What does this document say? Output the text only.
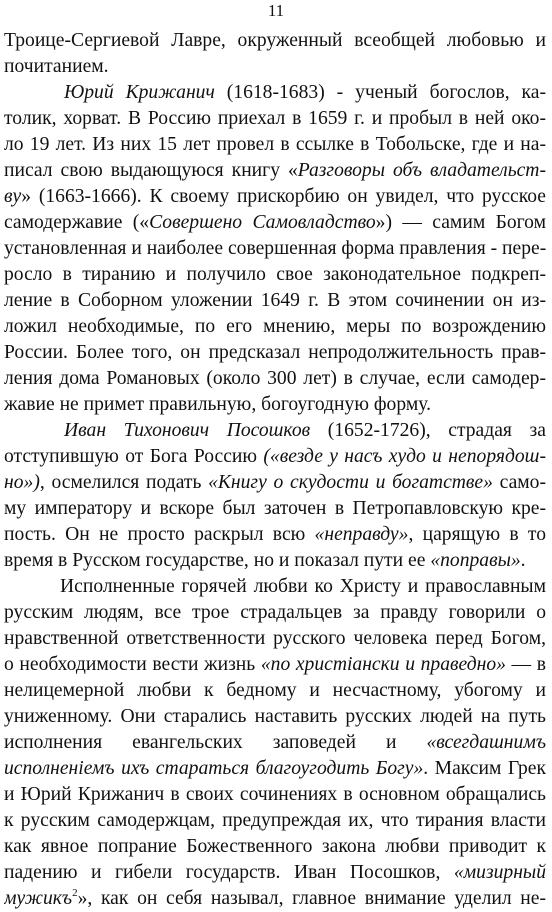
11
Троице-Сергиевой Лавре, окруженный всеобщей любовью и
почитанием.
Юрий Крижанич (1618-1683) - ученый богослов, ка-
толик, хорват. В Россию приехал в 1659 г. и пробыл в ней око-
ло 19 лет. Из них 15 лет провел в ссылке в Тобольске, где и на-
писал свою выдающуюся книгу «Разговоры объ владательст-
ву» (1663-1666). К своему прискорбию он увидел, что русское
самодержавие («Совершено Самовладство») — самим Богом
установленная и наиболее совершенная форма правления - пере-
росло в тиранию и получило свое законодательное подкреп-
ление в Соборном уложении 1649 г. В этом сочинении он из-
ложил необходимые, по его мнению, меры по возрождению
России. Более того, он предсказал непродолжительность прав-
ления дома Романовых (около 300 лет) в случае, если самодер-
жавие не примет правильную, богоугодную форму.
Иван Тихонович Посошков (1652-1726), страдая за
отступившую от Бога Россию («везде у насъ худо и непорядош-
но»), осмелился подать «Книгу о скудости и богатстве» само-
му императору и вскоре был заточен в Петропавловскую кре-
пость. Он не просто раскрыл всю «неправду», царящую в то
время в Русском государстве, но и показал пути ее «поправы».
Исполненные горячей любви ко Христу и православным
русским людям, все трое страдальцев за правду говорили о
нравственной ответственности русского человека перед Богом,
о необходимости вести жизнь «по христiански и праведно» — в
нелицемерной любви к бедному и несчастному, убогому и
униженному. Они старались наставить русских людей на путь
исполнения евангельских заповедей и «всегдашнимъ
исполненiемъ ихъ стараться благоугодить Богу». Максим Грек
и Юрий Крижанич в своих сочинениях в основном обращались
к русским самодержцам, предупреждая их, что тирания власти
как явное попрание Божественного закона любви приводит к
падению и гибели государств. Иван Посошков, «мизирный
мужикъ$^2$», как он себя называл, главное внимание уделил не-
